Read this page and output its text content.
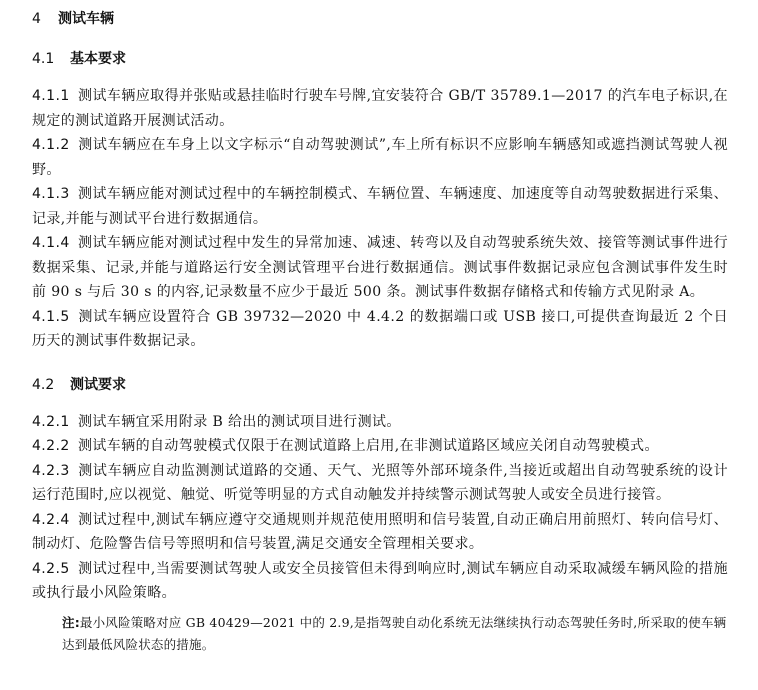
4 测试车辆
4.1 基本要求

4.1.1 测试车辆应取得并张贴或悬挂临时行驶车号牌,宜安装符合 GB/T 35789.1—2017 的汽车电子标识,在规定的测试道路开展测试活动。

4.1.2 测试车辆应在车身上以文字标示“自动驾驶测试”,车上所有标识不应影响车辆感知或遮挡测试驾驶人视野。

4.1.3 测试车辆应能对测试过程中的车辆控制模式、车辆位置、车辆速度、加速度等自动驾驶数据进行采集、记录,并能与测试平台进行数据通信。

4.1.4 测试车辆应能对测试过程中发生的异常加速、减速、转弯以及自动驾驶系统失效、接管等测试事件进行数据采集、记录,并能与道路运行安全测试管理平台进行数据通信。测试事件数据记录应包含测试事件发生时前 90 s 与后 30 s 的内容,记录数量不应少于最近 500 条。测试事件数据存储格式和传输方式见附录 A。

4.1.5 测试车辆应设置符合 GB 39732—2020 中 4.4.2 的数据端口或 USB 接口,可提供查询最近 2 个日历天的测试事件数据记录。

4.2 测试要求

4.2.1 测试车辆宜采用附录 B 给出的测试项目进行测试。

4.2.2 测试车辆的自动驾驶模式仅限于在测试道路上启用,在非测试道路区域应关闭自动驾驶模式。

4.2.3 测试车辆应自动监测测试道路的交通、天气、光照等外部环境条件,当接近或超出自动驾驶系统的设计运行范围时,应以视觉、触觉、听觉等明显的方式自动触发并持续警示测试驾驶人或安全员进行接管。

4.2.4 测试过程中,测试车辆应遵守交通规则并规范使用照明和信号装置,自动正确启用前照灯、转向信号灯、制动灯、危险警告信号等照明和信号装置,满足交通安全管理相关要求。

4.2.5 测试过程中,当需要测试驾驶人或安全员接管但未得到响应时,测试车辆应自动采取减缓车辆风险的措施或执行最小风险策略。

注:最小风险策略对应 GB 40429—2021 中的 2.9,是指驾驶自动化系统无法继续执行动态驾驶任务时,所采取的使车辆达到最低风险状态的措施。
